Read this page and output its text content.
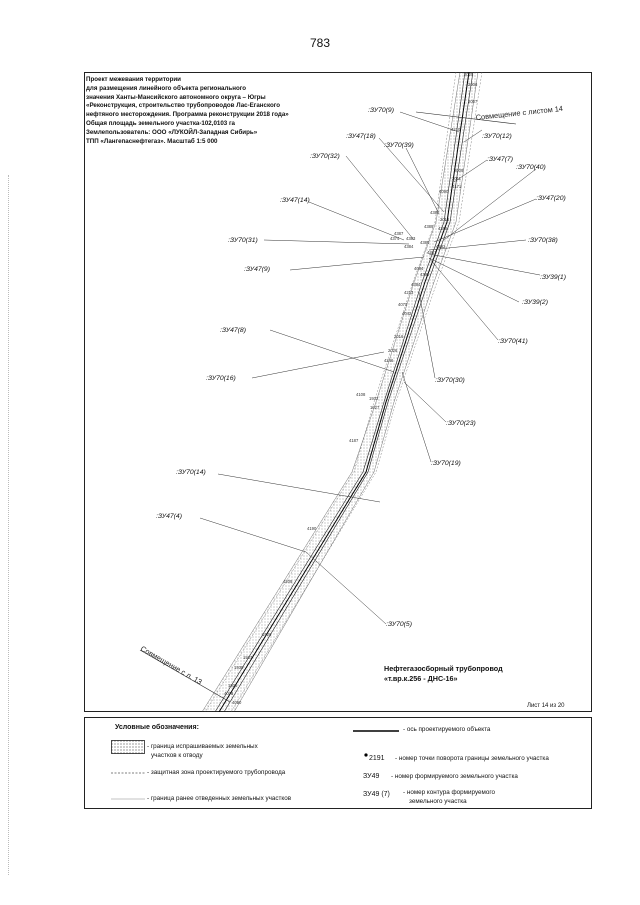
783
Проект межевания территории
для размещения линейного объекта регионального
значения Ханты-Мансийского автономного округа – Югры
«Реконструкция, строительство трубопроводов Лас-Еганского
нефтяного месторождения. Программа реконструкции 2018 года»
Общая площадь земельного участка-102,0103 га
Землепользователь: ООО «ЛУКОЙЛ-Западная Сибирь»
ТПП «Лангепаснефтегаз». Масштаб 1:5 000
Совмещение с листом 14
Совмещение с л. 13
:ЗУ70(9)
:ЗУ47(18)
:ЗУ70(39)
:ЗУ70(12)
:ЗУ47(7)
:ЗУ70(32)
:ЗУ70(40)
:ЗУ47(14)	:ЗУ47(20)
:ЗУ70(31)	:ЗУ70(38)
:ЗУ47(9)
:ЗУ39(1)
:ЗУ39(2)
:ЗУ47(8)
:ЗУ70(41)
:ЗУ70(16)	:ЗУ70(30)
:ЗУ70(23)
:ЗУ70(19)
:ЗУ70(14)
:ЗУ47(4)
:ЗУ70(5)
2025
2006
2007
4210
2009
2011
4171
4090
4386
2012
4385
4389
4387
4374 4383
4380
4384	4382
4381
4084
4395
4394
4213
4073
4042
2016
2026
4246
4108
1932
1927
4187
4190
4209
1926
1927
1930
1925
4078
4090
Нефтегазосборный трубопровод
«т.вр.к.256 - ДНС-16»
Лист 14 из 20
Условные обозначения:
- граница испрашиваемых земельных
участков к отводу
- защитная зона проектируемого трубопровода
- граница ранее отведенных земельных участков
- ось проектируемого объекта
2191 - номер точки поворота границы земельного участка
ЗУ49 - номер формируемого земельного участка
ЗУ49 (7) - номер контура формируемого
земельного участка
